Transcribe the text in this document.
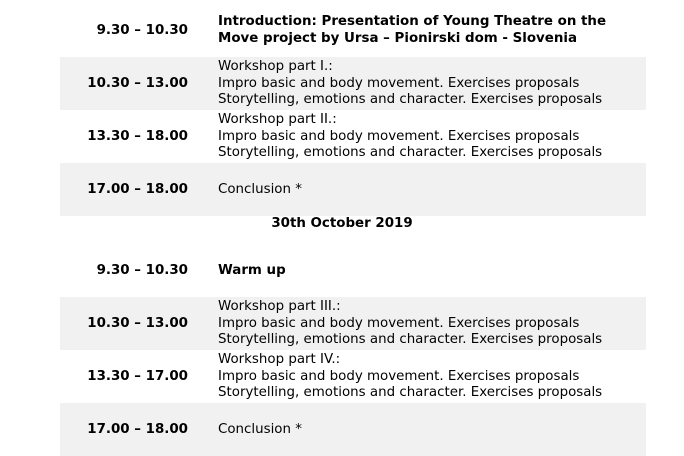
9.30 – 10.30
Introduction: Presentation of Young Theatre on the
Move project by Ursa – Pionirski dom - Slovenia
10.30 – 13.00
Workshop part I.:
Impro basic and body movement. Exercises proposals
Storytelling, emotions and character. Exercises proposals
13.30 – 18.00
Workshop part II.:
Impro basic and body movement. Exercises proposals
Storytelling, emotions and character. Exercises proposals
17.00 – 18.00 Conclusion *
30th October 2019
9.30 – 10.30 Warm up
10.30 – 13.00
Workshop part III.:
Impro basic and body movement. Exercises proposals
Storytelling, emotions and character. Exercises proposals
13.30 – 17.00
Workshop part IV.:
Impro basic and body movement. Exercises proposals
Storytelling, emotions and character. Exercises proposals
17.00 – 18.00 Conclusion *
